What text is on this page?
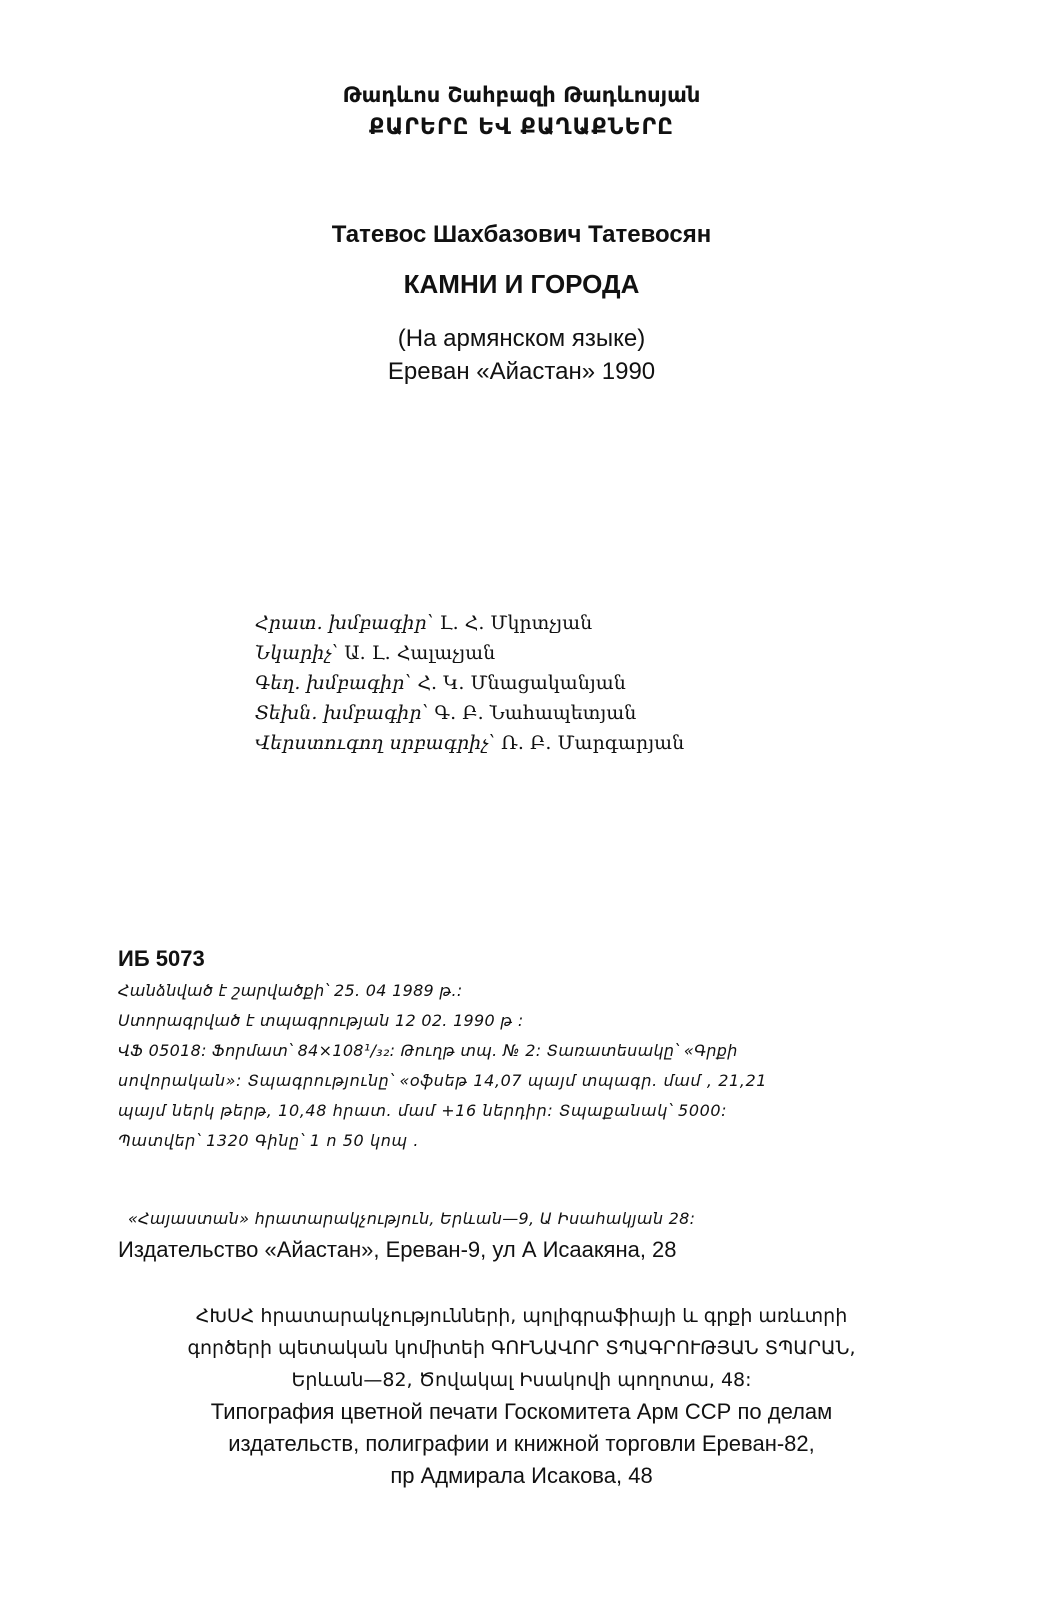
Թադևոս Շահբազի Թադևոսյան
ՔԱՐԵՐԸ ԵՎ ՔԱՂԱՔՆԵՐԸ
Татевос Шахбазович Татевосян
КАМНИ И ГОРОДА
(На армянском языке)
Ереван «Айастан» 1990
Հրատ. խմբագիր՝ Լ. Հ. Մկրտչյան
Նկարիչ՝ Ա. Լ. Հալաչյան
Գեղ. խմբագիր՝ Հ. Կ. Մնացականյան
Տեխն. խմբագիր՝ Գ. Բ. Նահապետյան
Վերստուգող սրբագրիչ՝ Ռ. Բ. Մարգարյան
ИБ 5073
Հանձնված է շարվածքի՝ 25. 04 1989 թ.:
Ստորագրված է տպագրության 12 02. 1990 թ :
ՎՖ 05018: Ֆորմատ՝ 84×108¹/₃₂: Թուղթ տպ. № 2: Տառատեսակը՝ «Գրքի
սովորական»: Տպագրությունը՝ «օֆսեթ 14,07 պայմ տպագր. մամ , 21,21
պայմ ներկ թերթ, 10,48 հրատ. մամ +16 ներդիր: Տպաքանակ՝ 5000:
Պատվեր՝ 1320 Գինը՝ 1 ո 50 կոպ .
«Հայաստան» հրատարակչություն, Երևան—9, Ա Իսահակյան 28:
Издательство «Айастан», Ереван-9, ул А Исаакяна, 28
ՀԽՍՀ հրատարակչությունների, պոլիգրաֆիայի և գրքի առևտրի
գործերի պետական կոմիտեի ԳՈՒՆԱՎՈՐ ՏՊԱԳՐՈՒԹՅԱՆ ՏՊԱՐԱՆ,
Երևան—82, Ծովակալ Իսակովի պողոտա, 48:
Типография цветной печати Госкомитета Арм ССР по делам
издательств, полиграфии и книжной торговли Ереван-82,
пр Адмирала Исакова, 48
